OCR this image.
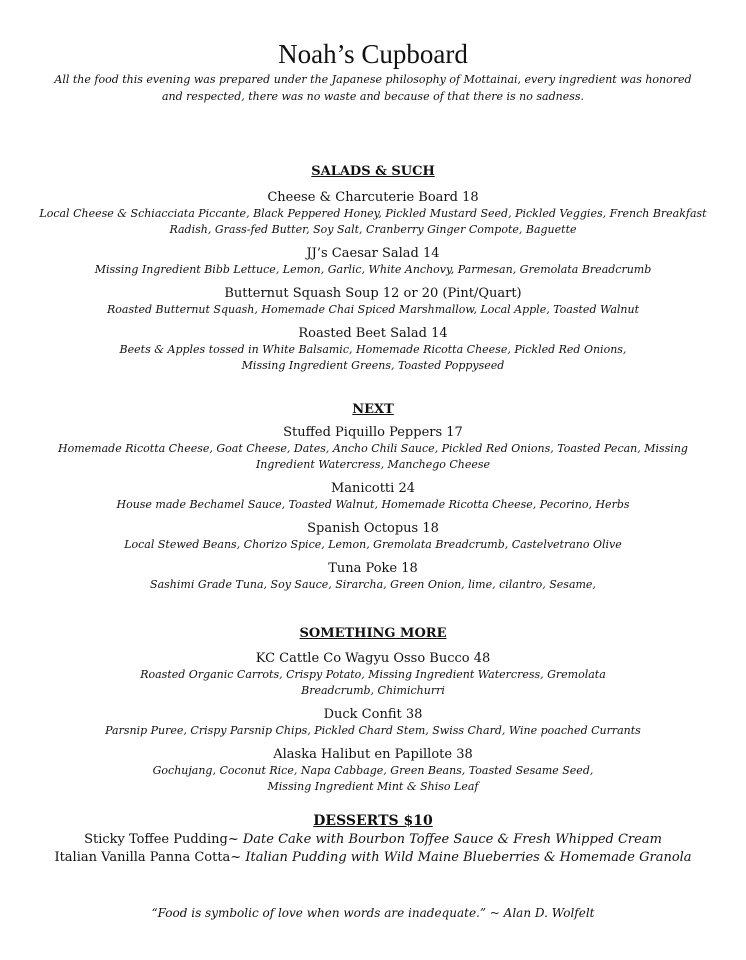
Noah’s Cupboard
All the food this evening was prepared under the Japanese philosophy of Mottainai, every ingredient was honored and respected, there was no waste and because of that there is no sadness.
SALADS & SUCH
Cheese & Charcuterie Board 18
Local Cheese & Schiacciata Piccante, Black Peppered Honey, Pickled Mustard Seed, Pickled Veggies, French Breakfast Radish, Grass-fed Butter, Soy Salt, Cranberry Ginger Compote, Baguette
JJ’s Caesar Salad 14
Missing Ingredient Bibb Lettuce, Lemon, Garlic, White Anchovy, Parmesan, Gremolata Breadcrumb
Butternut Squash Soup 12 or 20 (Pint/Quart)
Roasted Butternut Squash, Homemade Chai Spiced Marshmallow, Local Apple, Toasted Walnut
Roasted Beet Salad 14
Beets & Apples tossed in White Balsamic, Homemade Ricotta Cheese, Pickled Red Onions, Missing Ingredient Greens, Toasted Poppyseed
NEXT
Stuffed Piquillo Peppers 17
Homemade Ricotta Cheese, Goat Cheese, Dates, Ancho Chili Sauce, Pickled Red Onions, Toasted Pecan, Missing Ingredient Watercress, Manchego Cheese
Manicotti 24
House made Bechamel Sauce, Toasted Walnut, Homemade Ricotta Cheese, Pecorino, Herbs
Spanish Octopus 18
Local Stewed Beans, Chorizo Spice, Lemon, Gremolata Breadcrumb, Castelvetrano Olive
Tuna Poke 18
Sashimi Grade Tuna, Soy Sauce, Sirarcha, Green Onion, lime, cilantro, Sesame,
SOMETHING MORE
KC Cattle Co Wagyu Osso Bucco 48
Roasted Organic Carrots, Crispy Potato, Missing Ingredient Watercress, Gremolata Breadcrumb, Chimichurri
Duck Confit 38
Parsnip Puree, Crispy Parsnip Chips, Pickled Chard Stem, Swiss Chard, Wine poached Currants
Alaska Halibut en Papillote 38
Gochujang, Coconut Rice, Napa Cabbage, Green Beans, Toasted Sesame Seed, Missing Ingredient Mint & Shiso Leaf
DESSERTS $10
Sticky Toffee Pudding~ Date Cake with Bourbon Toffee Sauce & Fresh Whipped Cream
Italian Vanilla Panna Cotta~ Italian Pudding with Wild Maine Blueberries & Homemade Granola
“Food is symbolic of love when words are inadequate.” ~ Alan D. Wolfelt
